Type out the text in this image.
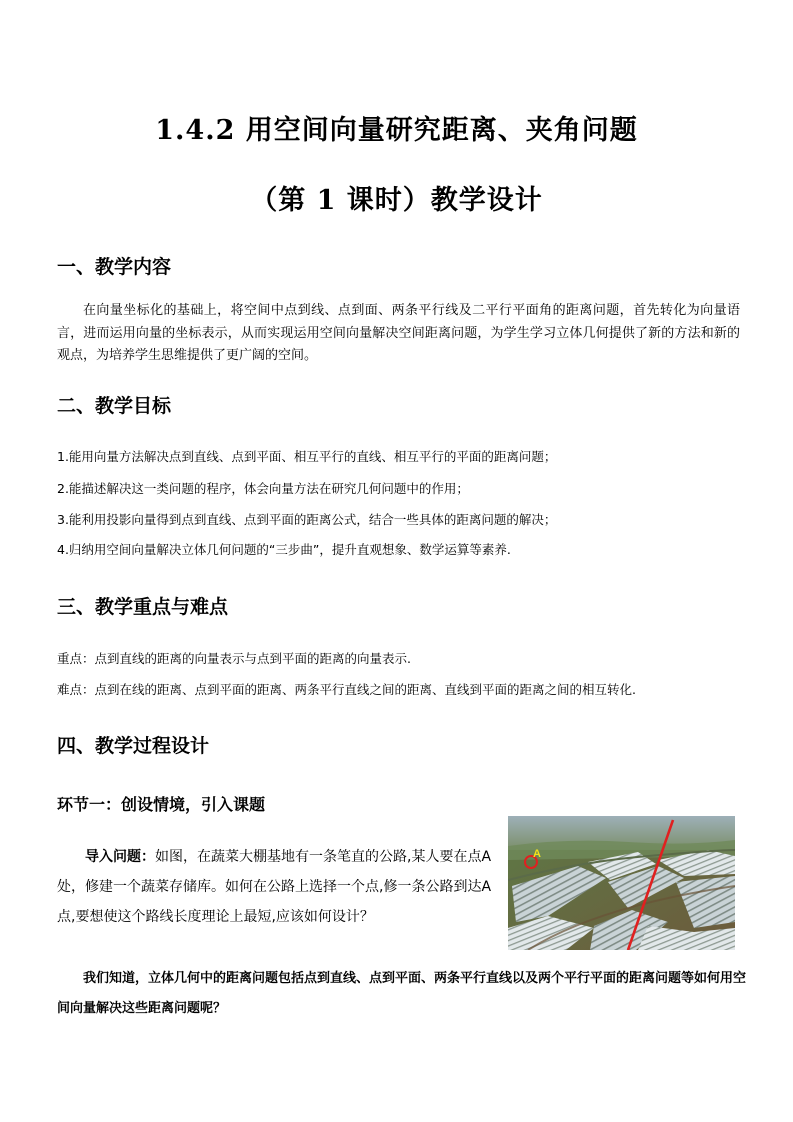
1.4.2 用空间向量研究距离、夹角问题
（第 1 课时）教学设计
一、教学内容
在向量坐标化的基础上，将空间中点到线、点到面、两条平行线及二平行平面角的距离问题，首先转化为向量语言，进而运用向量的坐标表示，从而实现运用空间向量解决空间距离问题，为学生学习立体几何提供了新的方法和新的观点，为培养学生思维提供了更广阔的空间。
二、教学目标
1.能用向量方法解决点到直线、点到平面、相互平行的直线、相互平行的平面的距离问题；
2.能描述解决这一类问题的程序，体会向量方法在研究几何问题中的作用；
3.能利用投影向量得到点到直线、点到平面的距离公式，结合一些具体的距离问题的解决；
4.归纳用空间向量解决立体几何问题的“三步曲”，提升直观想象、数学运算等素养.
三、教学重点与难点
重点：点到直线的距离的向量表示与点到平面的距离的向量表示.
难点：点到在线的距离、点到平面的距离、两条平行直线之间的距离、直线到平面的距离之间的相互转化.
四、教学过程设计
环节一：创设情境，引入课题
导入问题：如图，在蔬菜大棚基地有一条笔直的公路,某人要在点A处，修建一个蔬菜存储库。如何在公路上选择一个点,修一条公路到达A点,要想使这个路线长度理论上最短,应该如何设计？
A
我们知道，立体几何中的距离问题包括点到直线、点到平面、两条平行直线以及两个平行平面的距离问题等如何用空间向量解决这些距离问题呢？
